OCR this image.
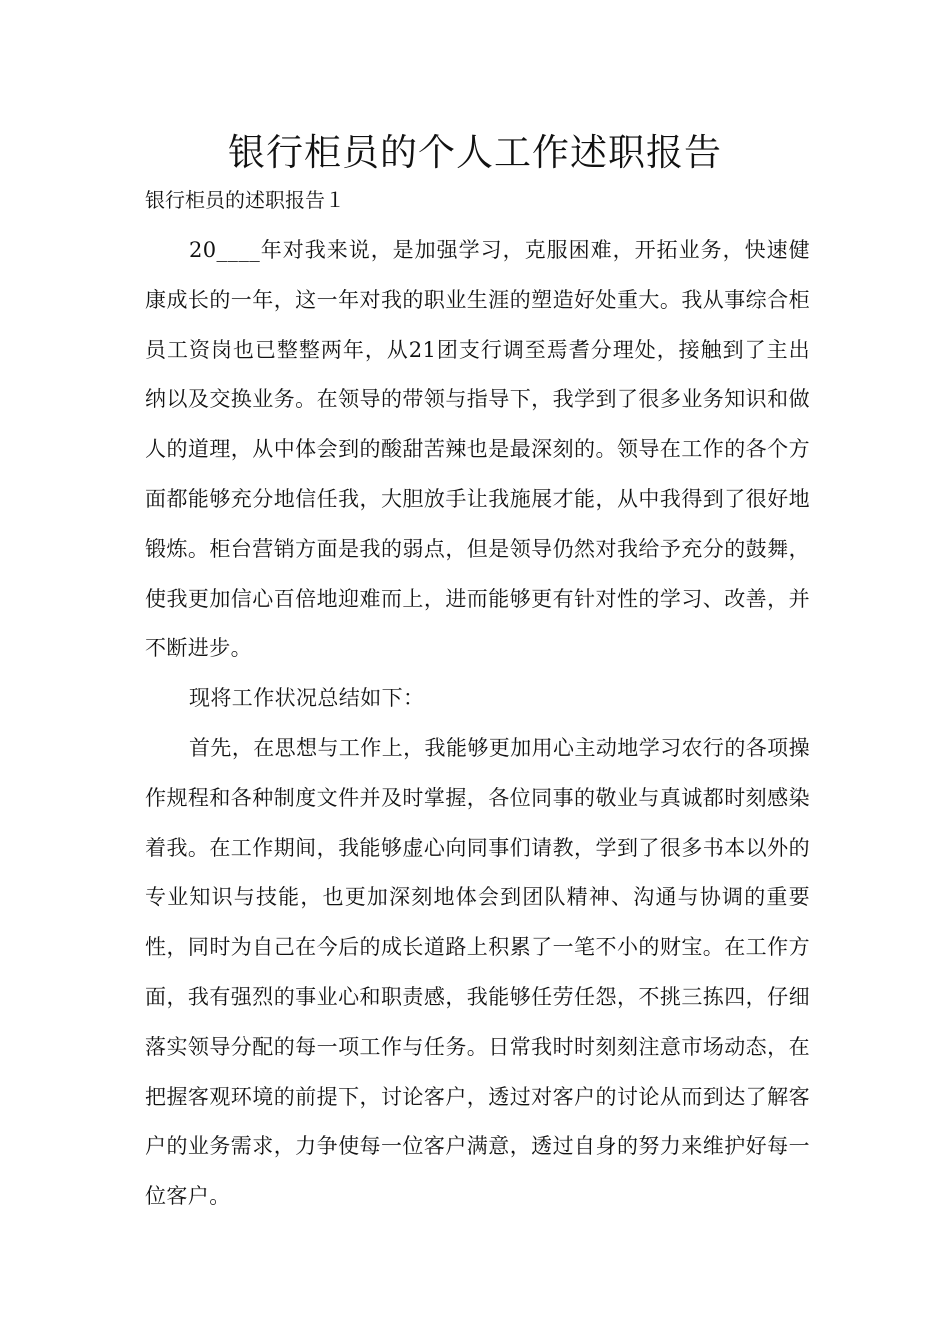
银行柜员的个人工作述职报告

银行柜员的述职报告１

20____年对我来说，是加强学习，克服困难，开拓业务，快速健康成长的一年，这一年对我的职业生涯的塑造好处重大。我从事综合柜员工资岗也已整整两年，从21团支行调至焉耆分理处，接触到了主出纳以及交换业务。在领导的带领与指导下，我学到了很多业务知识和做人的道理，从中体会到的酸甜苦辣也是最深刻的。领导在工作的各个方面都能够充分地信任我，大胆放手让我施展才能，从中我得到了很好地锻炼。柜台营销方面是我的弱点，但是领导仍然对我给予充分的鼓舞，使我更加信心百倍地迎难而上，进而能够更有针对性的学习、改善，并不断进步。

现将工作状况总结如下：

首先，在思想与工作上，我能够更加用心主动地学习农行的各项操作规程和各种制度文件并及时掌握，各位同事的敬业与真诚都时刻感染着我。在工作期间，我能够虚心向同事们请教，学到了很多书本以外的专业知识与技能，也更加深刻地体会到团队精神、沟通与协调的重要性，同时为自己在今后的成长道路上积累了一笔不小的财宝。在工作方面，我有强烈的事业心和职责感，我能够任劳任怨，不挑三拣四，仔细落实领导分配的每一项工作与任务。日常我时时刻刻注意市场动态，在把握客观环境的前提下，讨论客户，透过对客户的讨论从而到达了解客户的业务需求，力争使每一位客户满意，透过自身的努力来维护好每一位客户。
